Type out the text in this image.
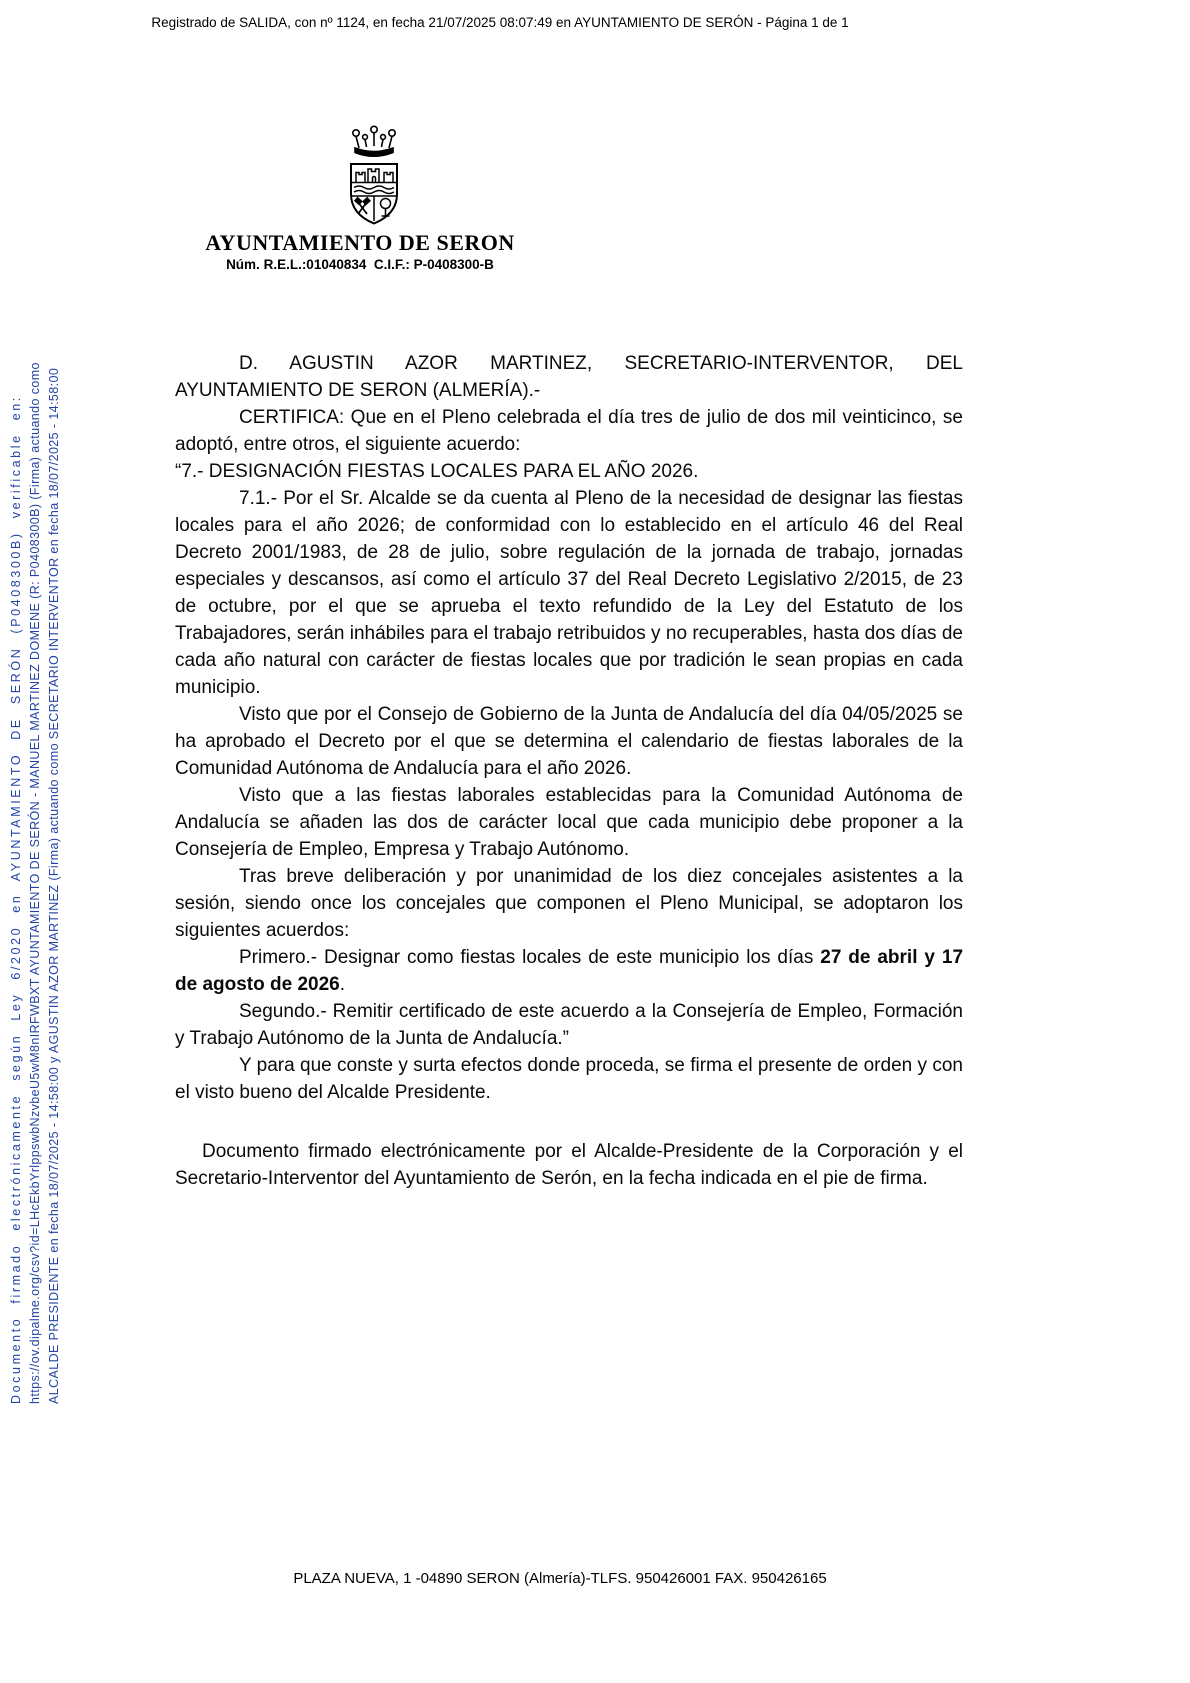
Registrado de SALIDA, con nº 1124, en fecha 21/07/2025 08:07:49 en AYUNTAMIENTO DE SERÓN - Página 1 de 1
Documento firmado electrónicamente según Ley 6/2020 en AYUNTAMIENTO DE SERÓN (P0408300B) verificable en: https://ov.dipalme.org/csv?id=LHcEkbYrlppswbNzvbeU5wM8nIRFWBXT AYUNTAMIENTO DE SERÓN - MANUEL MARTINEZ DOMENE (R: P0408300B) (Firma) actuando como ALCALDE PRESIDENTE en fecha 18/07/2025 - 14:58:00 y AGUSTIN AZOR MARTINEZ (Firma) actuando como SECRETARIO INTERVENTOR en fecha 18/07/2025 - 14:58:00
AYUNTAMIENTO DE SERON
Núm. R.E.L.:01040834  C.I.F.: P-0408300-B

D. AGUSTIN AZOR MARTINEZ, SECRETARIO-INTERVENTOR, DEL AYUNTAMIENTO DE SERON (ALMERÍA).-

CERTIFICA: Que en el Pleno celebrada el día tres de julio de dos mil veinticinco, se adoptó, entre otros, el siguiente acuerdo:

“7.- DESIGNACIÓN FIESTAS LOCALES PARA EL AÑO 2026.

7.1.- Por el Sr. Alcalde se da cuenta al Pleno de la necesidad de designar las fiestas locales para el año 2026; de conformidad con lo establecido en el artículo 46 del Real Decreto 2001/1983, de 28 de julio, sobre regulación de la jornada de trabajo, jornadas especiales y descansos, así como el artículo 37 del Real Decreto Legislativo 2/2015, de 23 de octubre, por el que se aprueba el texto refundido de la Ley del Estatuto de los Trabajadores, serán inhábiles para el trabajo retribuidos y no recuperables, hasta dos días de cada año natural con carácter de fiestas locales que por tradición le sean propias en cada municipio.

Visto que por el Consejo de Gobierno de la Junta de Andalucía del día 04/05/2025 se ha aprobado el Decreto por el que se determina el calendario de fiestas laborales de la Comunidad Autónoma de Andalucía para el año 2026.

Visto que a las fiestas laborales establecidas para la Comunidad Autónoma de Andalucía se añaden las dos de carácter local que cada municipio debe proponer a la Consejería de Empleo, Empresa y Trabajo Autónomo.

Tras breve deliberación y por unanimidad de los diez concejales asistentes a la sesión, siendo once los concejales que componen el Pleno Municipal, se adoptaron los siguientes acuerdos:

Primero.- Designar como fiestas locales de este municipio los días 27 de abril y 17 de agosto de 2026.

Segundo.- Remitir certificado de este acuerdo a la Consejería de Empleo, Formación y Trabajo Autónomo de la Junta de Andalucía.”

Y para que conste y surta efectos donde proceda, se firma el presente de orden y con el visto bueno del Alcalde Presidente.

Documento firmado electrónicamente por el Alcalde-Presidente de la Corporación y el Secretario-Interventor del Ayuntamiento de Serón, en la fecha indicada en el pie de firma.

PLAZA NUEVA, 1 -04890 SERON (Almería)-TLFS. 950426001 FAX. 950426165
